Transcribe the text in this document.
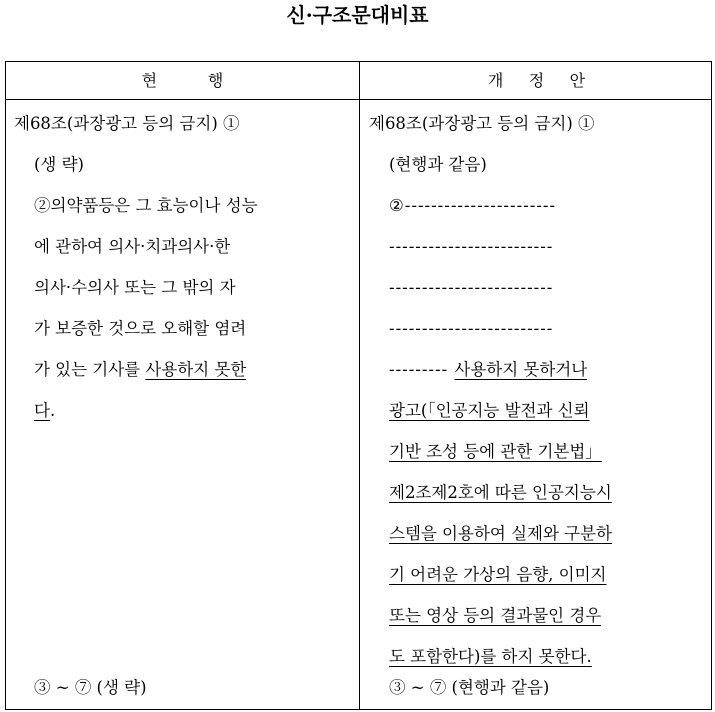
신·구조문대비표
현          행	개     정     안
제68조(과장광고 등의 금지) ①
(생 략)
②의약품등은 그 효능이나 성능
에 관하여 의사·치과의사·한
의사·수의사 또는 그 밖의 자
가 보증한 것으로 오해할 염려
가 있는 기사를 사용하지 못한
다.
③ ~ ⑦ (생 략)
제68조(과장광고 등의 금지) ①
(현행과 같음)
②-----------------------
-------------------------
-------------------------
-------------------------
--------- 사용하지 못하거나
광고(「인공지능 발전과 신뢰
기반 조성 등에 관한 기본법」
제2조제2호에 따른 인공지능시
스템을 이용하여 실제와 구분하
기 어려운 가상의 음향, 이미지
또는 영상 등의 결과물인 경우
도 포함한다)를 하지 못한다.
③ ~ ⑦ (현행과 같음)
